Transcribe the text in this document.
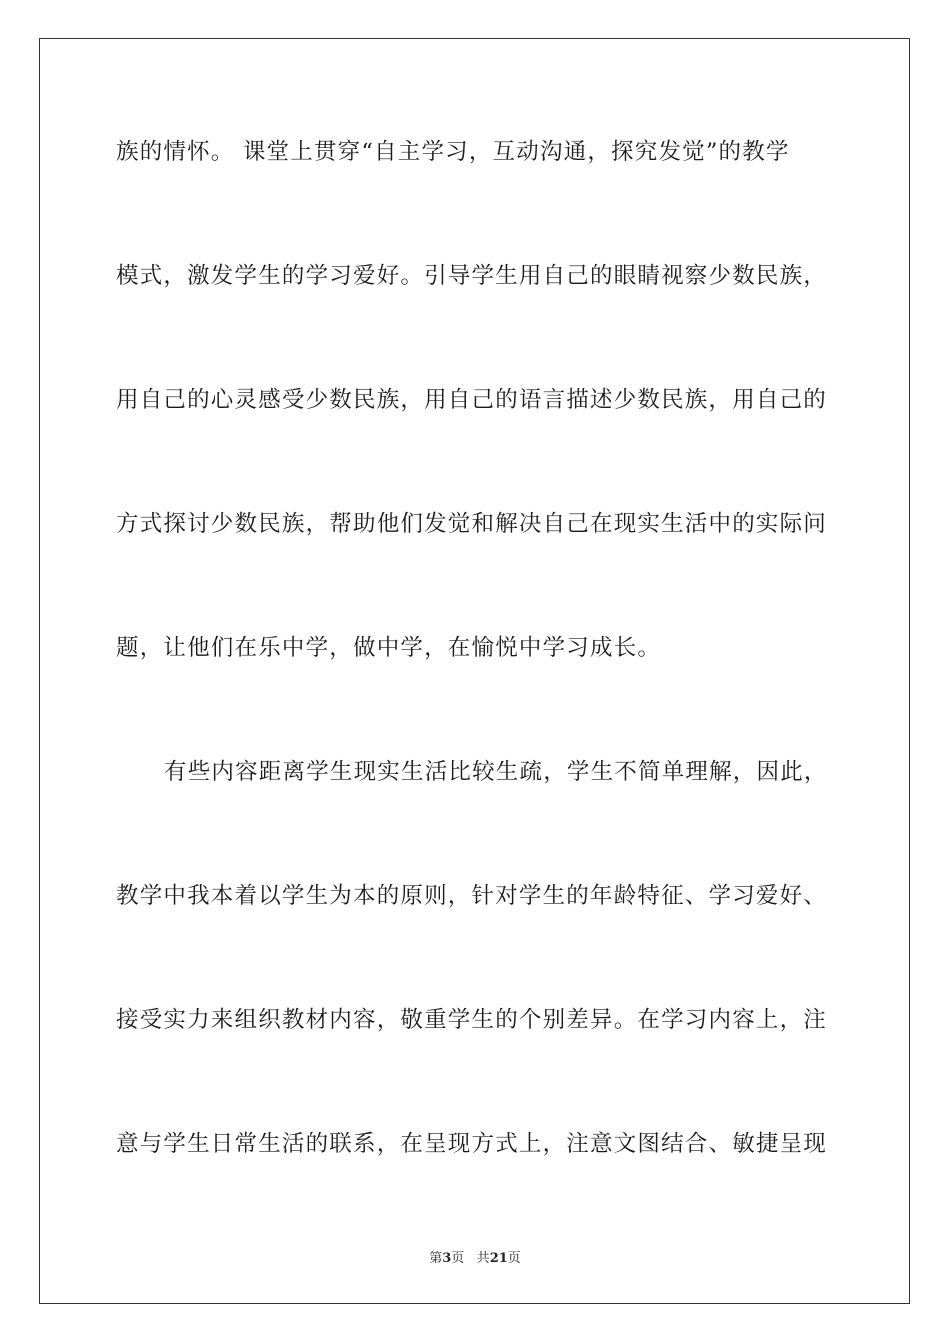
族的情怀。 课堂上贯穿“自主学习，互动沟通，探究发觉”的教学
模式，激发学生的学习爱好。引导学生用自己的眼睛视察少数民族，
用自己的心灵感受少数民族，用自己的语言描述少数民族，用自己的
方式探讨少数民族，帮助他们发觉和解决自己在现实生活中的实际问
题，让他们在乐中学，做中学，在愉悦中学习成长。
有些内容距离学生现实生活比较生疏，学生不简单理解，因此，
教学中我本着以学生为本的原则，针对学生的年龄特征、学习爱好、
接受实力来组织教材内容，敬重学生的个别差异。在学习内容上，注
意与学生日常生活的联系，在呈现方式上，注意文图结合、敏捷呈现
第3页 共21页
